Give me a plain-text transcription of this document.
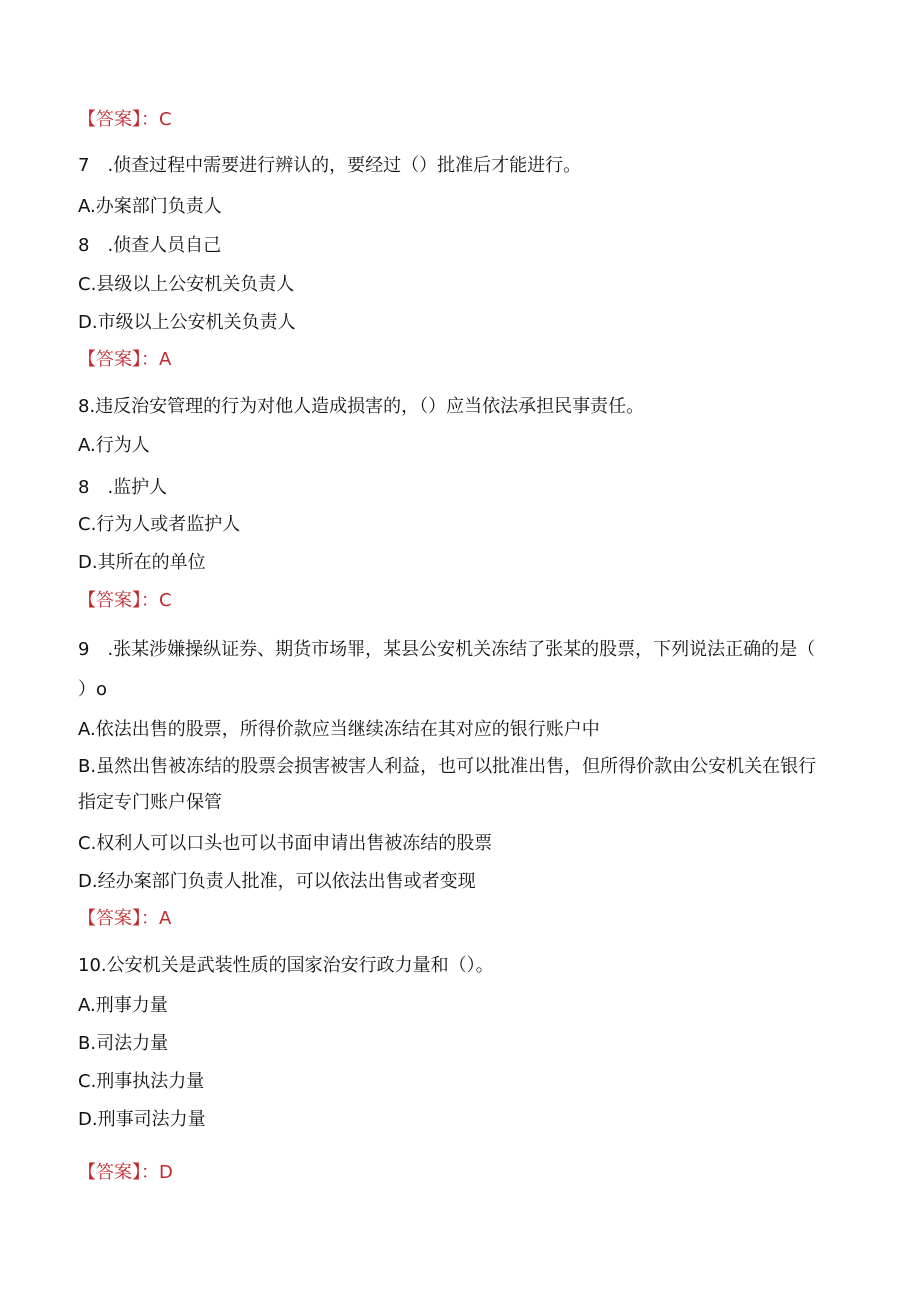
【答案】：C
7　.侦查过程中需要进行辨认的，要经过（）批准后才能进行。
A.办案部门负责人
8　.侦查人员自己
C.县级以上公安机关负责人
D.市级以上公安机关负责人
【答案】：A
8.违反治安管理的行为对他人造成损害的，（）应当依法承担民事责任。
A.行为人
8　.监护人
C.行为人或者监护人
D.其所在的单位
【答案】：C
9　.张某涉嫌操纵证券、期货市场罪，某县公安机关冻结了张某的股票，下列说法正确的是（
）o
A.依法出售的股票，所得价款应当继续冻结在其对应的银行账户中
B.虽然出售被冻结的股票会损害被害人利益，也可以批准出售，但所得价款由公安机关在银行
指定专门账户保管
C.权利人可以口头也可以书面申请出售被冻结的股票
D.经办案部门负责人批准，可以依法出售或者变现
【答案】：A
10.公安机关是武装性质的国家治安行政力量和（）。
A.刑事力量
B.司法力量
C.刑事执法力量
D.刑事司法力量
【答案】：D
